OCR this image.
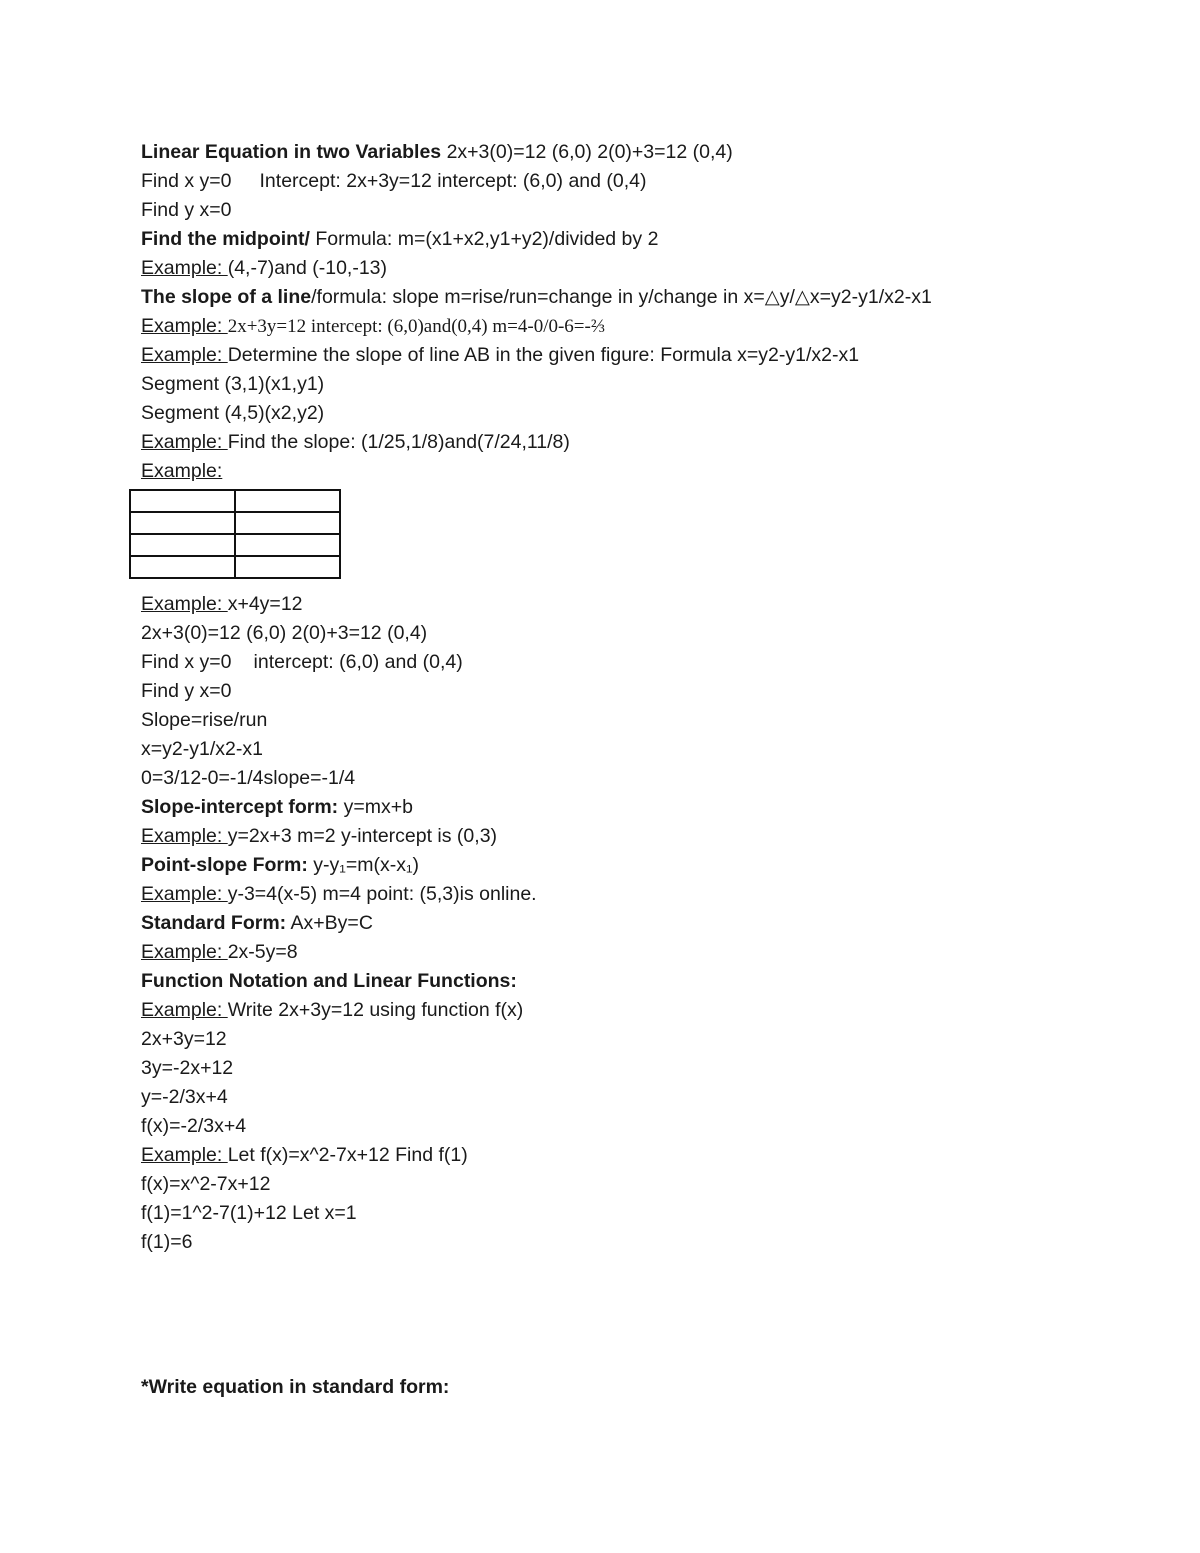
Linear Equation in two Variables 2x+3(0)=12 (6,0) 2(0)+3=12 (0,4)
Find x y=0 Intercept: 2x+3y=12 intercept: (6,0) and (0,4)
Find y x=0
Find the midpoint/ Formula: m=(x1+x2,y1+y2)/divided by 2
Example: (4,-7)and (-10,-13)
The slope of a line/formula: slope m=rise/run=change in y/change in x=△y/△x=y2-y1/x2-x1
Example: 2x+3y=12 intercept: (6,0)and(0,4) m=4-0/0-6=-⅔
Example: Determine the slope of line AB in the given figure: Formula x=y2-y1/x2-x1
Segment (3,1)(x1,y1)
Segment (4,5)(x2,y2)
Example: Find the slope: (1/25,1/8)and(7/24,11/8)
Example:
Example: x+4y=12
2x+3(0)=12 (6,0) 2(0)+3=12 (0,4)
Find x y=0 intercept: (6,0) and (0,4)
Find y x=0
Slope=rise/run
x=y2-y1/x2-x1
0=3/12-0=-1/4slope=-1/4
Slope-intercept form: y=mx+b
Example: y=2x+3 m=2 y-intercept is (0,3)
Point-slope Form: y-y₁=m(x-x₁)
Example: y-3=4(x-5) m=4 point: (5,3)is online.
Standard Form: Ax+By=C
Example: 2x-5y=8
Function Notation and Linear Functions:
Example: Write 2x+3y=12 using function f(x)
2x+3y=12
3y=-2x+12
y=-2/3x+4
f(x)=-2/3x+4
Example: Let f(x)=x^2-7x+12 Find f(1)
f(x)=x^2-7x+12
f(1)=1^2-7(1)+12 Let x=1
f(1)=6
*Write equation in standard form:
